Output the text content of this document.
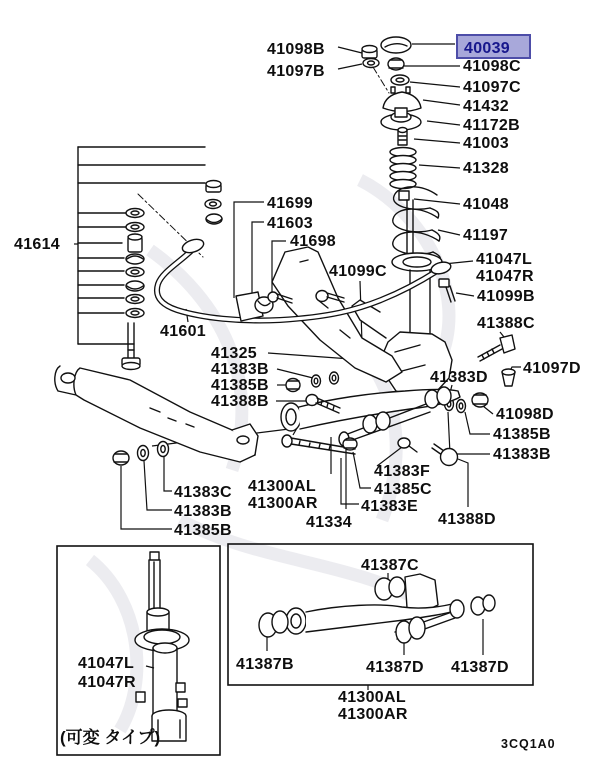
40039
41098B
41097B	41098C
41097C
41432
41172B
41003
41328
41048
41197
41047L
41047R
41099B
41388C
41097D
41383D
41098D
41385B
41383B
41614
41699
41603
41698
41099C
41601
41325
41383B
41385B
41388B
41383C
41383B
41385B
41300AL
41300AR
41334
41383F
41385C
41383E
41388D
41047L
41047R
41387C
41387B	41387D 41387D
41300AL
41300AR
(可変 タイプ)	3CQ1A0
